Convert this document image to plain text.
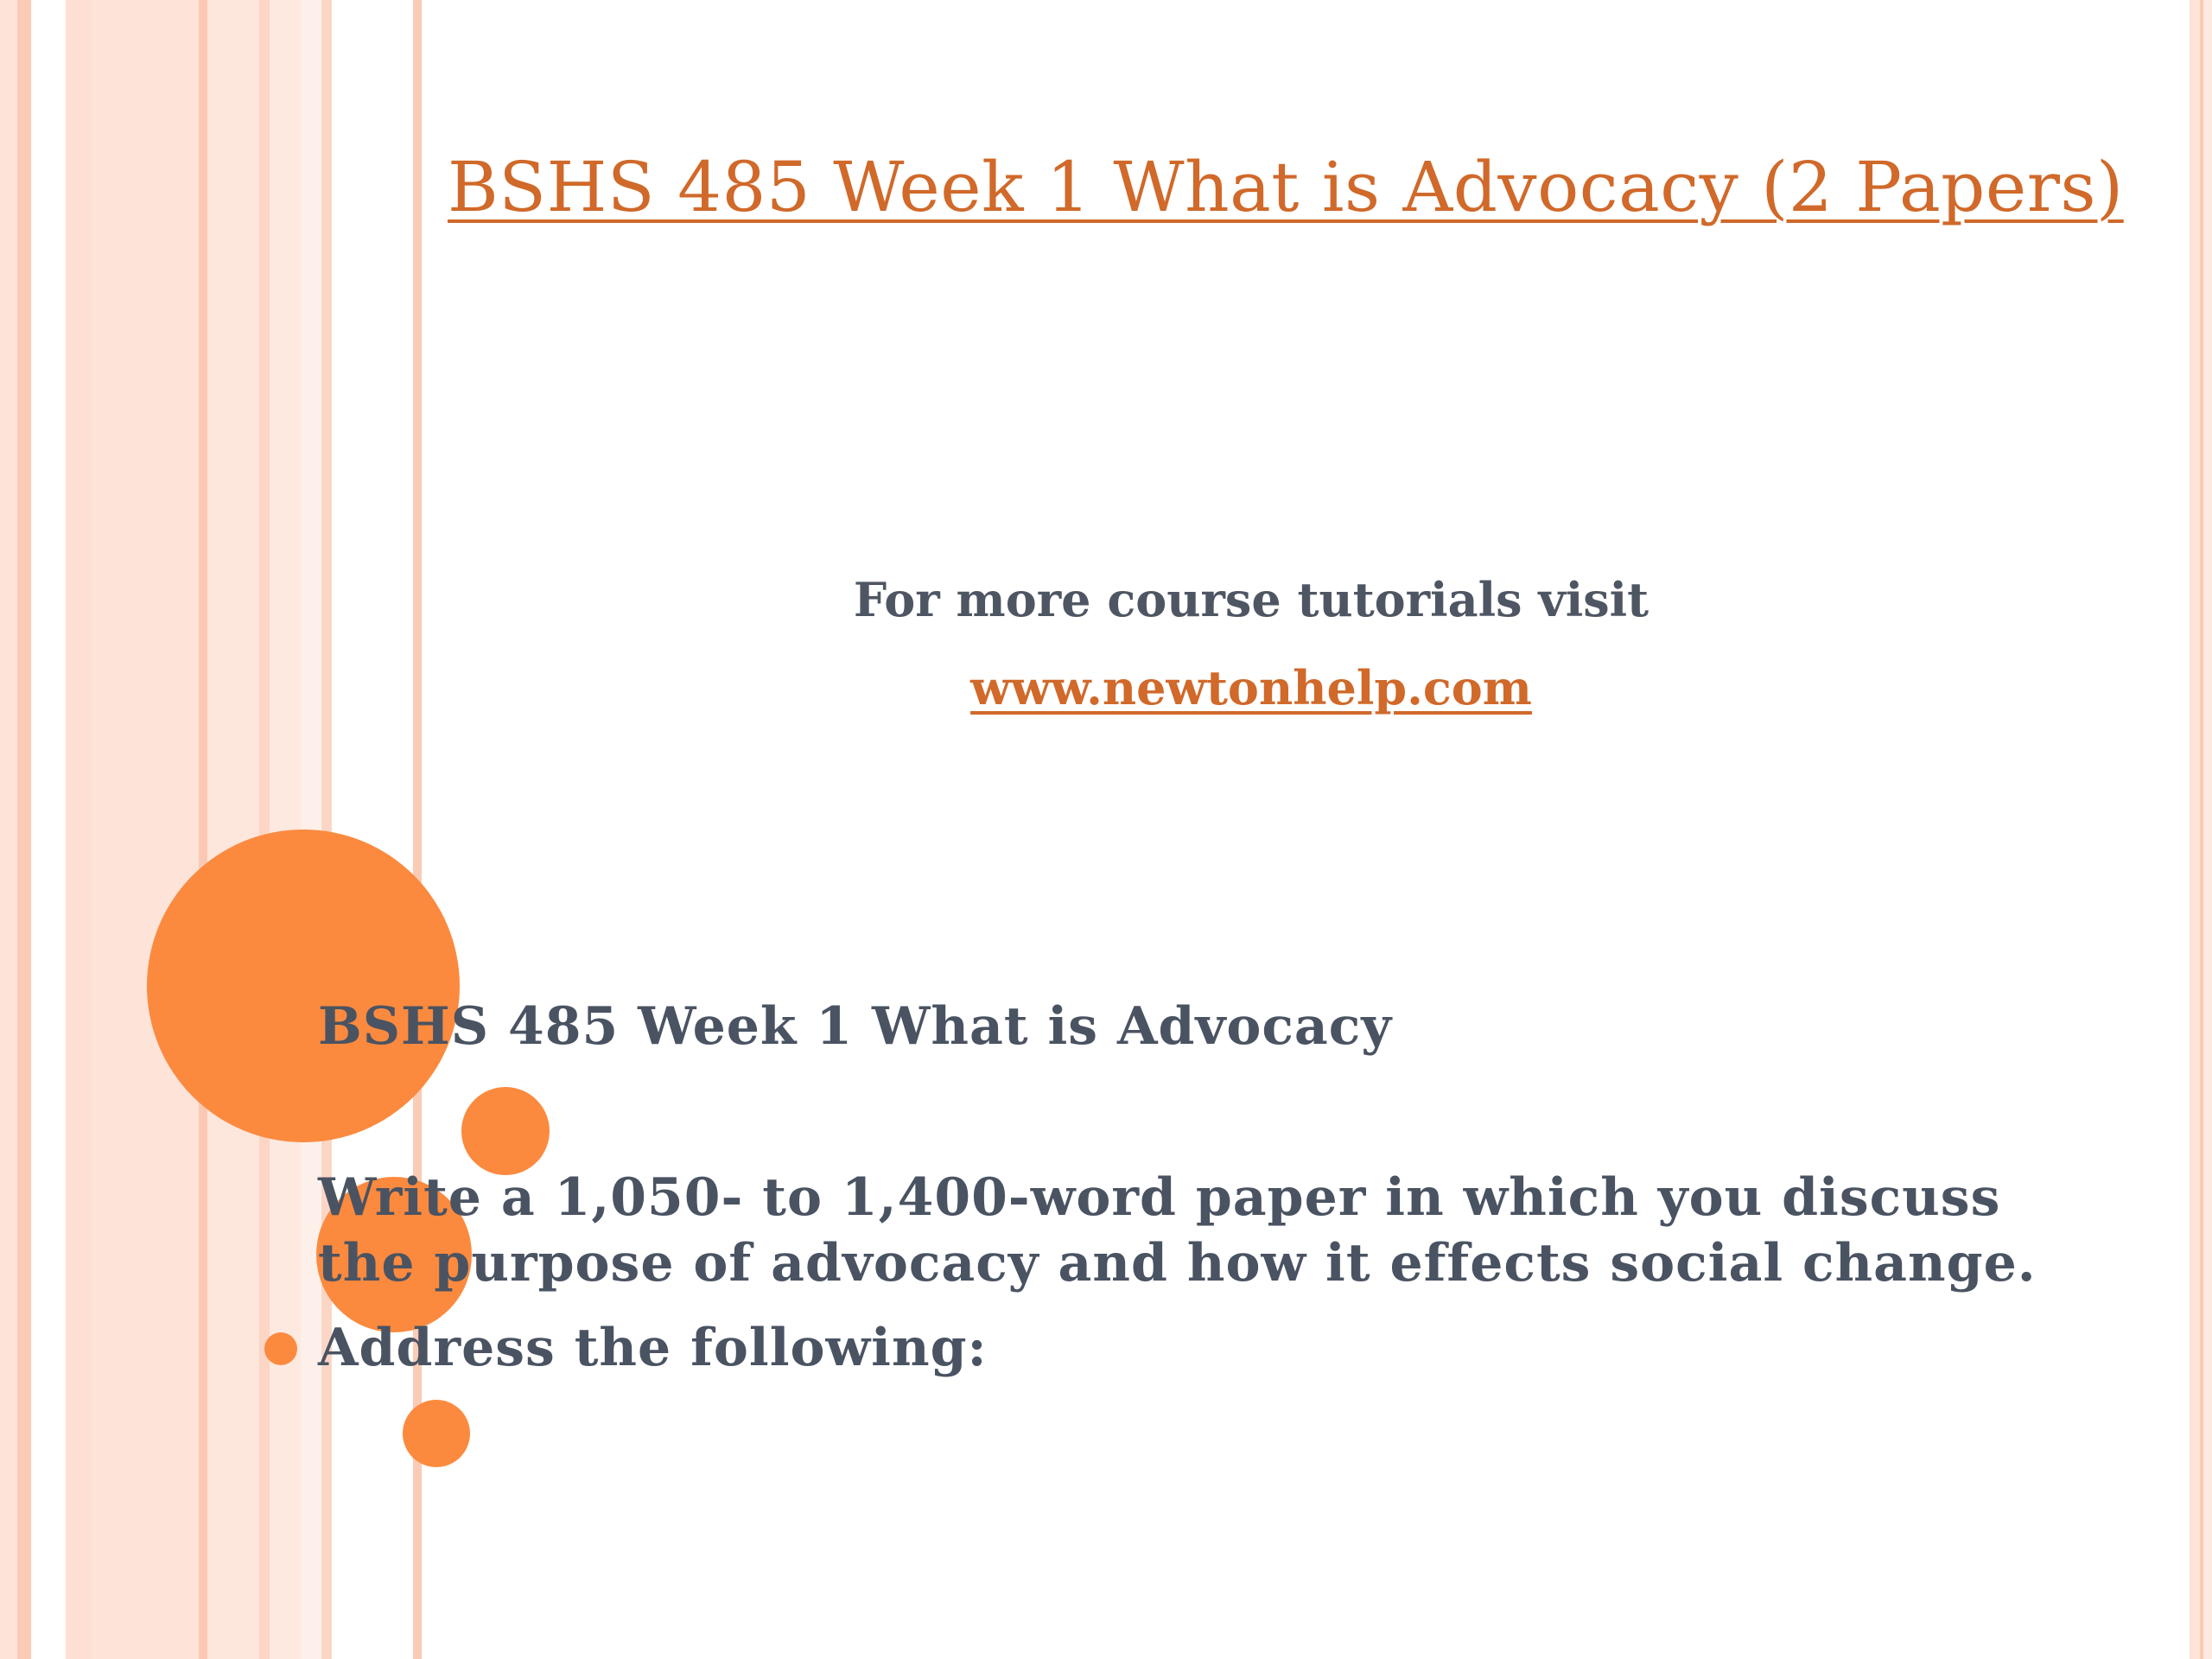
BSHS 485 Week 1 What is Advocacy (2 Papers)
For more course tutorials visit
www.newtonhelp.com
BSHS 485 Week 1 What is Advocacy
Write a 1,050- to 1,400-word paper in which you discuss the purpose of advocacy and how it effects social change.
Address the following:
